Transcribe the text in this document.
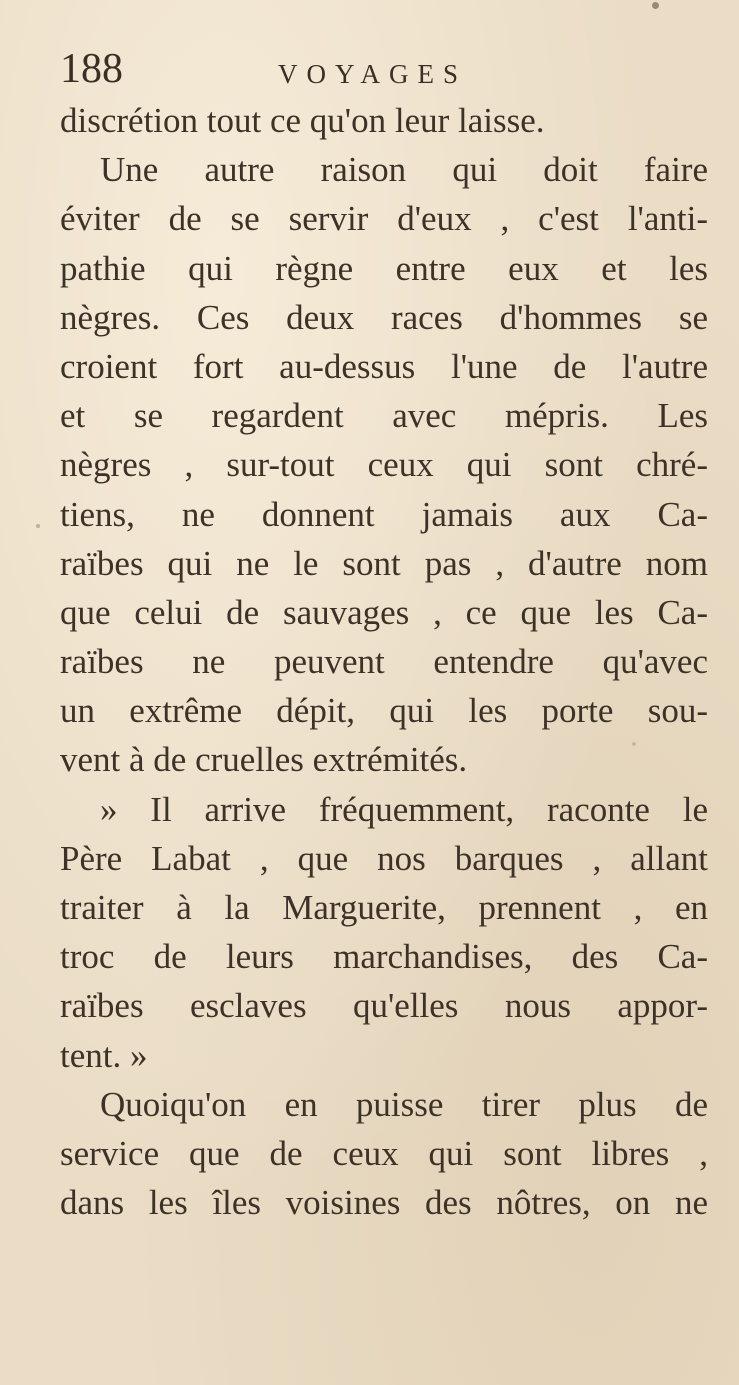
188	VOYAGES
discrétion tout ce qu'on leur laisse.
Une autre raison qui doit faire
éviter de se servir d'eux , c'est l'anti-
pathie qui règne entre eux et les
nègres. Ces deux races d'hommes se
croient fort au-dessus l'une de l'autre
et se regardent avec mépris. Les
nègres , sur-tout ceux qui sont chré-
tiens, ne donnent jamais aux Ca-
raïbes qui ne le sont pas , d'autre nom
que celui de sauvages , ce que les Ca-
raïbes ne peuvent entendre qu'avec
un extrême dépit, qui les porte sou-
vent à de cruelles extrémités.
» Il arrive fréquemment, raconte le
Père Labat , que nos barques , allant
traiter à la Marguerite, prennent , en
troc de leurs marchandises, des Ca-
raïbes esclaves qu'elles nous appor-
tent. »
Quoiqu'on en puisse tirer plus de
service que de ceux qui sont libres ,
dans les îles voisines des nôtres, on ne
